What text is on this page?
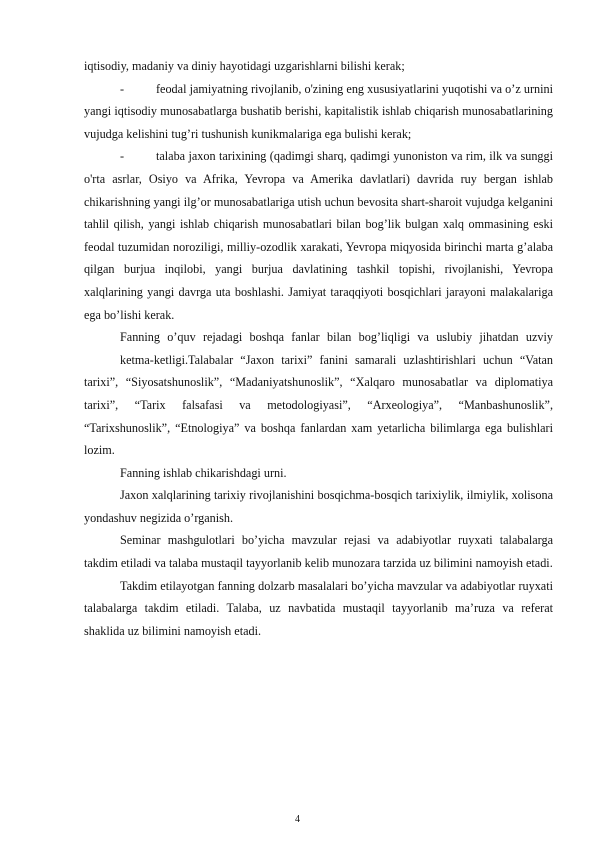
iqtisodiy, madaniy va diniy hayotidagi uzgarishlarni bilishi kerak;

-	feodal jamiyatning rivojlanib, o'zining eng xususiyatlarini yuqotishi va o’z urnini yangi iqtisodiy munosabatlarga bushatib berishi, kapitalistik ishlab chiqarish munosabatlarining vujudga kelishini tug’ri tushunish kunikmalariga ega bulishi kerak;

-	talaba jaxon tarixining (qadimgi sharq, qadimgi yunoniston va rim, ilk va sunggi o'rta asrlar, Osiyo va Afrika, Yevropa va Amerika davlatlari) davrida ruy bergan ishlab chikarishning yangi ilg’or munosabatlariga utish uchun bevosita shart-sharoit vujudga kelganini tahlil qilish, yangi ishlab chiqarish munosabatlari bilan bog’lik bulgan xalq ommasining eski feodal tuzumidan noroziligi, milliy-ozodlik xarakati, Yevropa miqyosida birinchi marta g’alaba qilgan burjua inqilobi, yangi burjua davlatining tashkil topishi, rivojlanishi, Yevropa xalqlarining yangi davrga uta boshlashi. Jamiyat taraqqiyoti bosqichlari jarayoni malakalariga ega bo’lishi kerak.

Fanning o’quv rejadagi boshqa fanlar bilan bog’liqligi va uslubiy jihatdan uzviy

ketma-ketligi.Talabalar “Jaxon tarixi” fanini samarali uzlashtirishlari uchun “Vatan tarixi”, “Siyosatshunoslik”, “Madaniyatshunoslik”, “Xalqaro munosabatlar va diplomatiya tarixi”, “Tarix falsafasi va metodologiyasi”, “Arxeologiya”, “Manbashunoslik”, “Tarixshunoslik”, “Etnologiya” va boshqa fanlardan xam yetarlicha bilimlarga ega bulishlari lozim.

Fanning ishlab chikarishdagi urni.

Jaxon xalqlarining tarixiy rivojlanishini bosqichma-bosqich tarixiylik, ilmiylik, xolisona yondashuv negizida o’rganish.

Seminar mashgulotlari bo’yicha mavzular rejasi va adabiyotlar ruyxati talabalarga takdim etiladi va talaba mustaqil tayyorlanib kelib munozara tarzida uz bilimini namoyish etadi.

Takdim etilayotgan fanning dolzarb masalalari bo’yicha mavzular va adabiyotlar ruyxati talabalarga takdim etiladi. Talaba, uz navbatida mustaqil tayyorlanib ma’ruza va referat shaklida uz bilimini namoyish etadi.

4
